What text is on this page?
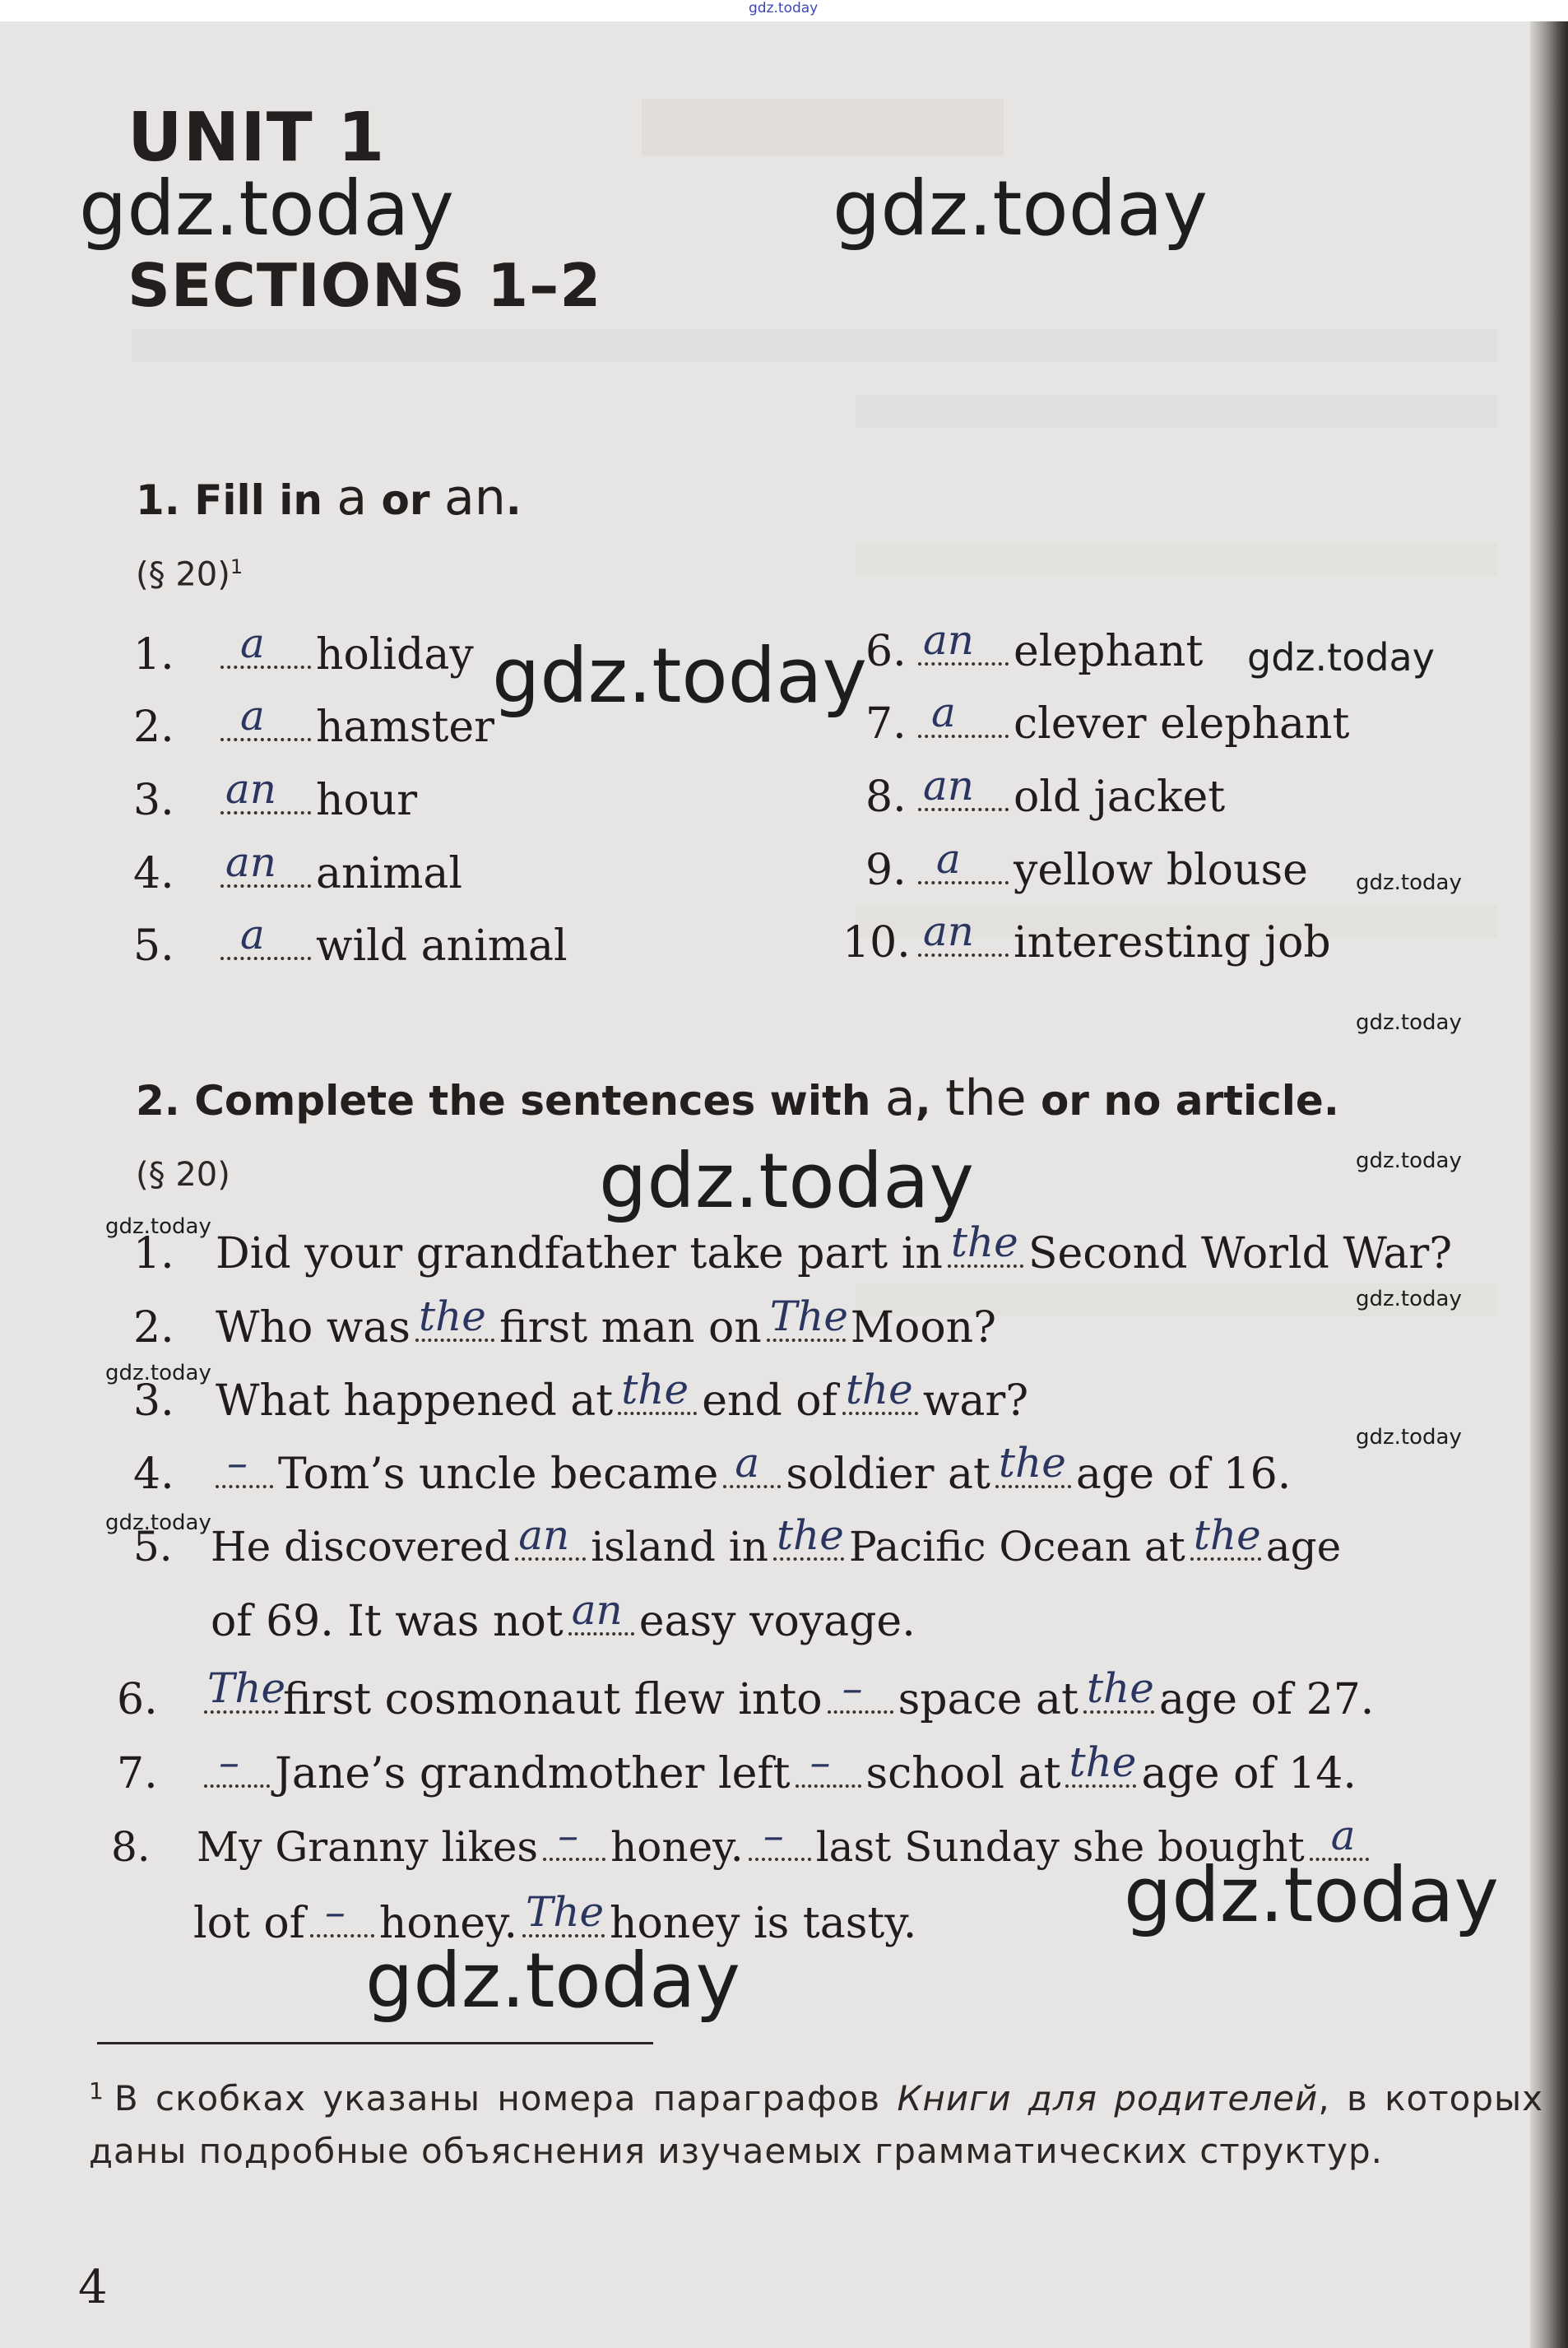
gdz.today
UNIT 1
SECTIONS 1–2
1. Fill in a or an.
(§ 20)$^1$
1. a holiday
2. a hamster
3. an hour
4. an animal
5. a wild animal
6. an elephant
7. a clever elephant
8. an old jacket
9. a yellow blouse
10. an interesting job
2. Complete the sentences with a, the or no article.
(§ 20)
1. Did your grandfather take part in the Second World War?
2. Who was the first man on The Moon?
3. What happened at the end of the war?
4. – Tom’s uncle became a soldier at the age of 16.
5. He discovered an island in the Pacific Ocean at the age
of 69. It was not an easy voyage.
6. The
first cosmonaut flew into – space at the age of 27.
7. – Jane’s grandmother left – school at the age of 14.
8. My Granny likes – honey. – last Sunday she bought a
lot of – honey. The honey is tasty.
gdz.today	gdz.today
gdz.today	gdz.today
gdz.today
gdz.today
gdz.today
gdz.today
gdz.today
gdz.today
gdz.today
gdz.today
gdz.today
gdz.today
gdz.today
$^1$ В скобках указаны номера параграфов Книги для родителей, в которых даны подробные объяснения изучаемых грамматических структур.
4
